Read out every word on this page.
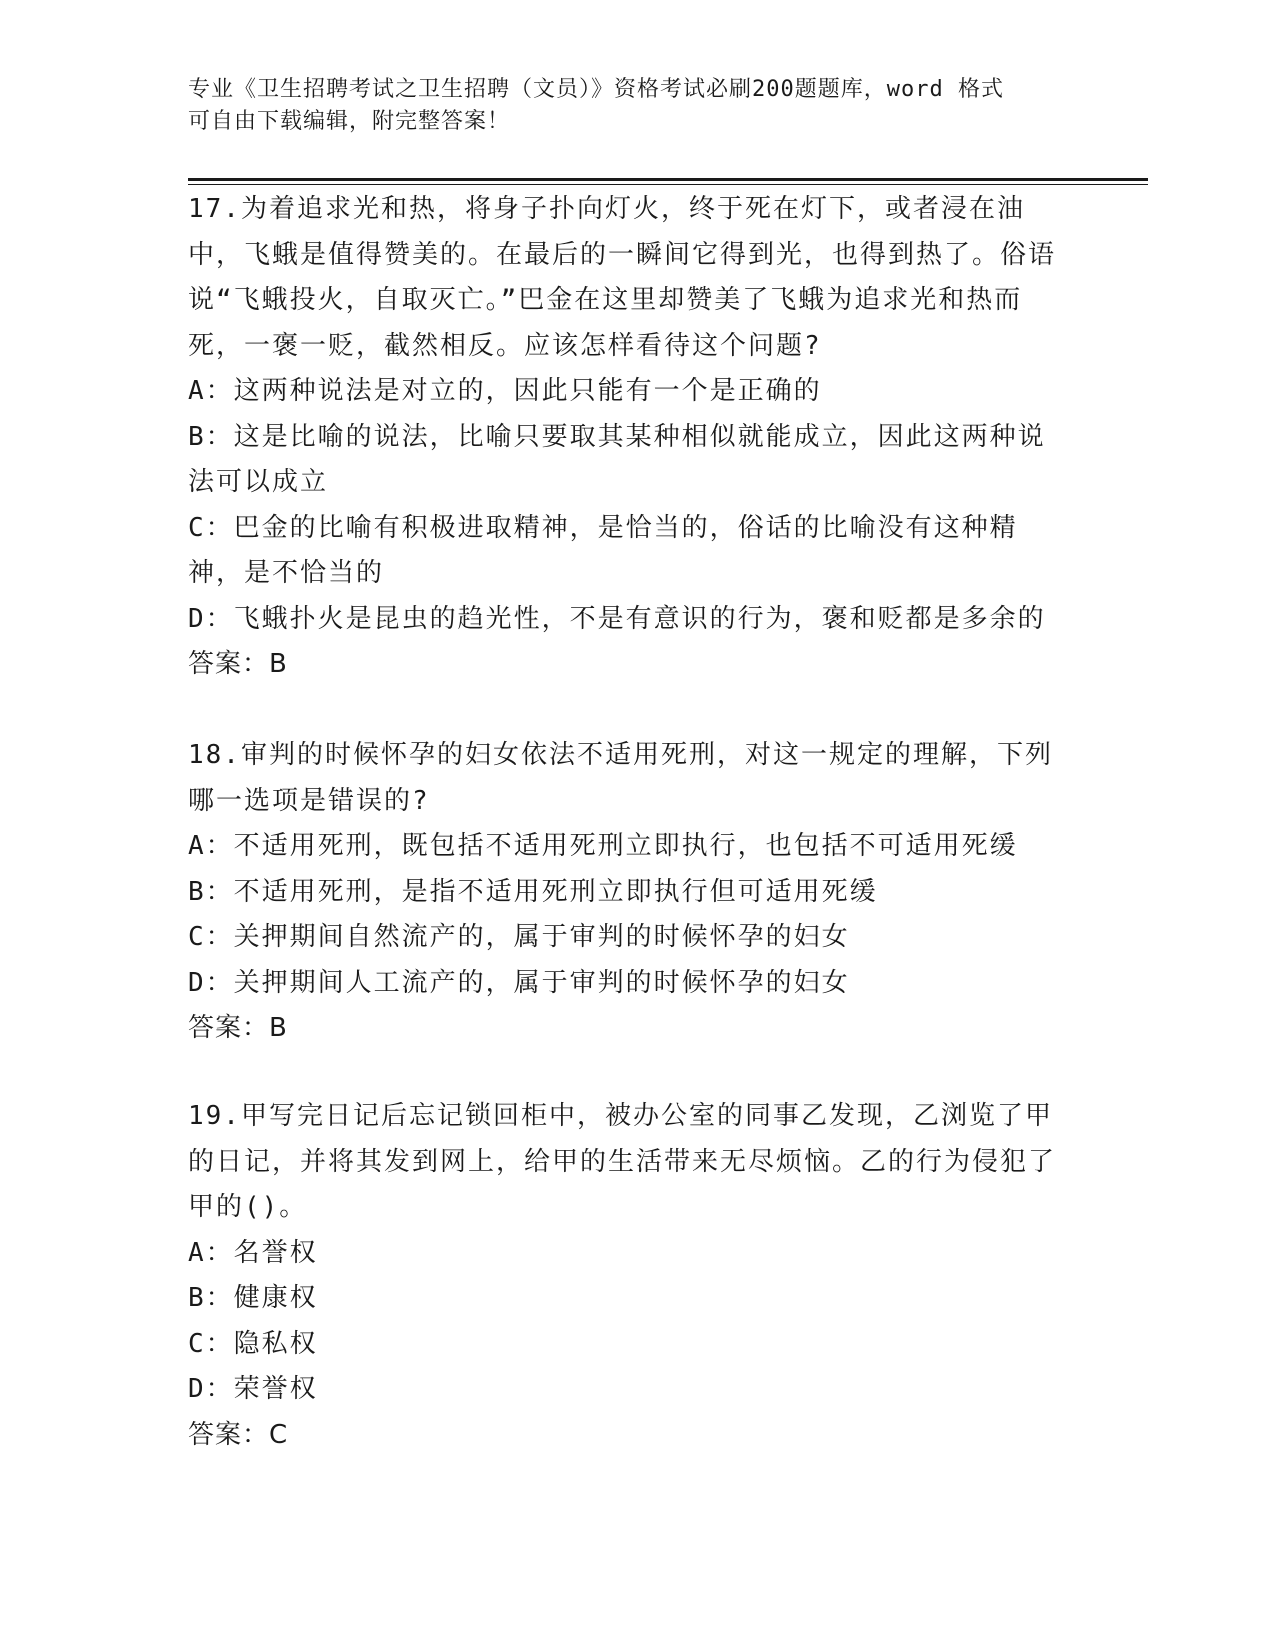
专业《卫生招聘考试之卫生招聘（文员）》资格考试必刷200题题库，word 格式
可自由下载编辑，附完整答案！

17.为着追求光和热，将身子扑向灯火，终于死在灯下，或者浸在油中，飞蛾是值得赞美的。在最后的一瞬间它得到光，也得到热了。俗语说“飞蛾投火，自取灭亡。”巴金在这里却赞美了飞蛾为追求光和热而死，一褒一贬，截然相反。应该怎样看待这个问题?

A：这两种说法是对立的，因此只能有一个是正确的

B：这是比喻的说法，比喻只要取其某种相似就能成立，因此这两种说法可以成立

C：巴金的比喻有积极进取精神，是恰当的，俗话的比喻没有这种精神，是不恰当的

D：飞蛾扑火是昆虫的趋光性，不是有意识的行为，褒和贬都是多余的

答案：B

18.审判的时候怀孕的妇女依法不适用死刑，对这一规定的理解，下列哪一选项是错误的?

A：不适用死刑，既包括不适用死刑立即执行，也包括不可适用死缓

B：不适用死刑，是指不适用死刑立即执行但可适用死缓

C：关押期间自然流产的，属于审判的时候怀孕的妇女

D：关押期间人工流产的，属于审判的时候怀孕的妇女

答案：B

19.甲写完日记后忘记锁回柜中，被办公室的同事乙发现，乙浏览了甲的日记，并将其发到网上，给甲的生活带来无尽烦恼。乙的行为侵犯了甲的()。

A：名誉权

B：健康权

C：隐私权

D：荣誉权

答案：C
